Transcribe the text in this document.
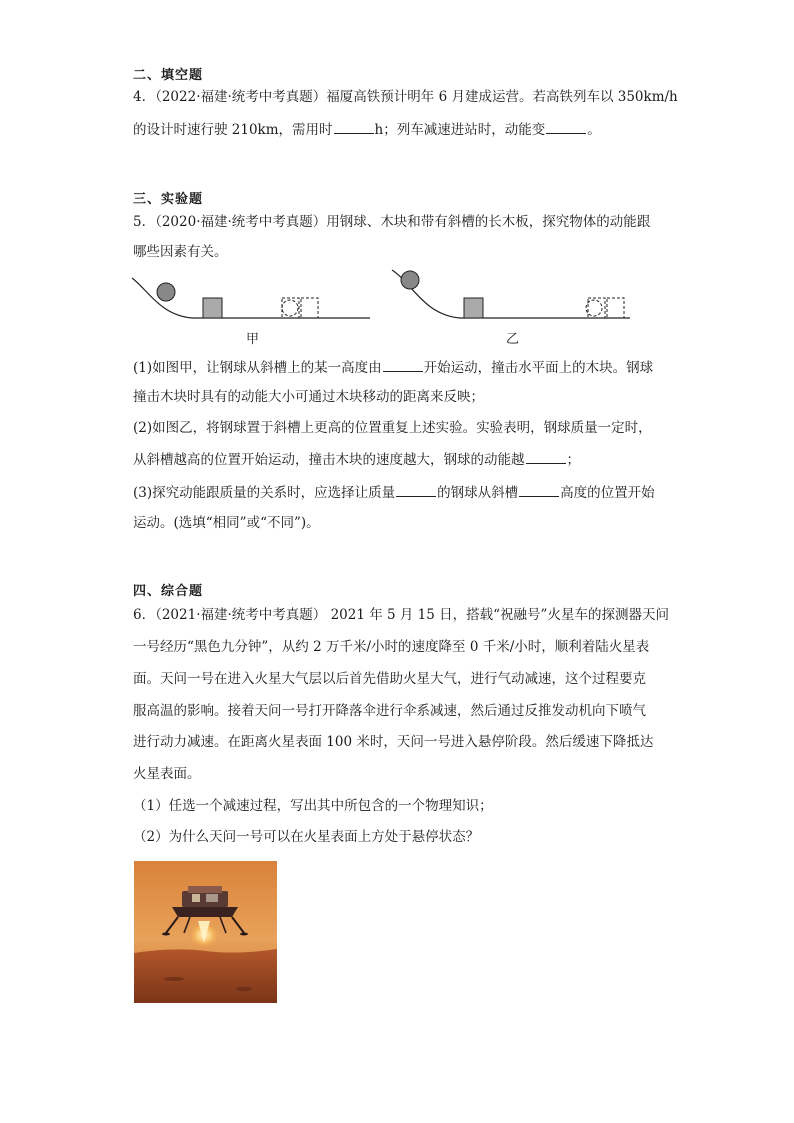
二、填空题
4．（2022·福建·统考中考真题）福厦高铁预计明年 6 月建成运营。若高铁列车以 350km/h
的设计时速行驶 210km，需用时	h；列车减速进站时，动能变	。
三、实验题
5．（2020·福建·统考中考真题）用钢球、木块和带有斜槽的长木板，探究物体的动能跟
哪些因素有关。
甲	乙
(1)如图甲，让钢球从斜槽上的某一高度由	开始运动，撞击水平面上的木块。钢球
撞击木块时具有的动能大小可通过木块移动的距离来反映；
(2)如图乙，将钢球置于斜槽上更高的位置重复上述实验。实验表明，钢球质量一定时，
从斜槽越高的位置开始运动，撞击木块的速度越大，钢球的动能越	；
(3)探究动能跟质量的关系时，应选择让质量	的钢球从斜槽	高度的位置开始
运动。(选填“相同”或“不同”)。
四、综合题
6．（2021·福建·统考中考真题） 2021 年 5 月 15 日，搭载“祝融号”火星车的探测器天问
一号经历“黑色九分钟”，从约 2 万千米/小时的速度降至 0 千米/小时，顺利着陆火星表
面。天问一号在进入火星大气层以后首先借助火星大气，进行气动减速，这个过程要克
服高温的影响。接着天问一号打开降落伞进行伞系减速，然后通过反推发动机向下喷气
进行动力减速。在距离火星表面 100 米时，天问一号进入悬停阶段。然后缓速下降抵达
火星表面。
（1）任选一个减速过程，写出其中所包含的一个物理知识；
（2）为什么天问一号可以在火星表面上方处于悬停状态？
